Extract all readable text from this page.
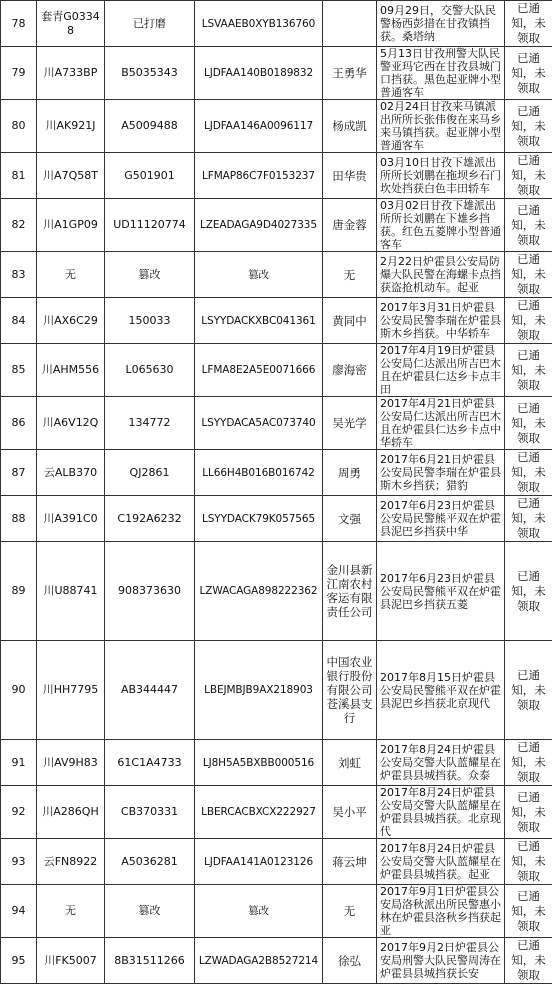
78	套青G0334 8	已打磨	LSVAAEB0XYB136760		09月29日，交警大队民警杨西彭措在甘孜镇挡获。桑塔纳	已通知，未领取
79	川A733BP	B5035343	LJDFAA140B0189832	王勇华	5月13日甘孜刑警大队民警亚玛它西在甘孜县城门口挡获。黑色起亚牌小型普通客车	已通知，未领取
80	川AK921J	A5009488	LJDFAA146A0096117	杨成凯	02月24日甘孜来马镇派出所所长张伟俊在来马乡来马镇挡获。起亚牌小型普通客车	已通知，未领取
81	川A7Q58T	G501901	LFMAP86C7F0153237	田华贵	03月10日甘孜下雄派出所所长刘鹏在拖坝乡石门坎处挡获白色丰田轿车	已通知，未领取
82	川A1GP09	UD11120774	LZEADAGA9D4027335	唐金蓉	03月02日甘孜下雄派出所所长刘鹏在下雄乡挡获。红色五菱牌小型普通客车	已通知，未领取
83	无	篡改	篡改	无	2月22日炉霍县公安局防爆大队民警在海螺卡点挡获盗抢机动车。起亚	已通知，未领取
84	川AX6C29	150033	LSYYDACKXBC041361	黄同中	2017年3月31日炉霍县公安局民警李瑞在炉霍县斯木乡挡获。中华轿车	已通知，未领取
85	川AHM556	L065630	LFMA8E2A5E0071666	廖海密	2017年4月19日炉霍县公安局仁达派出所吉巴木且在炉霍县仁达乡卡点丰田	已通知，未领取
86	川A6V12Q	134772	LSYYDACA5AC073740	吴光学	2017年4月21日炉霍县公安局仁达派出所吉巴木且在炉霍县仁达乡卡点中华轿车	已通知，未领取
87	云ALB370	QJ2861	LL66H4B016B016742	周勇	2017年6月21日炉霍县公安局民警李瑞在炉霍县斯木乡挡获；猎豹	已通知，未领取
88	川A391C0	C192A6232	LSYYDACK79K057565	文强	2017年6月23日炉霍县公安局民警熊平双在炉霍县泥巴乡挡获中华	已通知，未领取
89	川U88741	908373630	LZWACAGA898222362	金川县新江南农村客运有限责任公司	2017年6月23日炉霍县公安局民警熊平双在炉霍县泥巴乡挡获五菱	已通知，未领取
90	川HH7795	AB344447	LBEJMBJB9AX218903	中国农业银行股份有限公司苍溪县支行	2017年8月15日炉霍县公安局民警熊平双在炉霍县泥巴乡挡获北京现代	已通知，未领取
91	川AV9H83	61C1A4733	LJ8H5A5BXBB000516	刘虹	2017年8月24日炉霍县公安局交警大队蓝耀星在炉霍县县城挡获。众泰	已通知，未领取
92	川A286QH	CB370331	LBERCACBXCX222927	吴小平	2017年8月24日炉霍县公安局交警大队蓝耀星在炉霍县县城挡获。北京现代	已通知，未领取
93	云FN8922	A5036281	LJDFAA141A0123126	蒋云坤	2017年8月24日炉霍县公安局交警大队蓝耀星在炉霍县县城挡获。起亚	已通知，未领取
94	无	篡改	篡改	无	2017年9月1日炉霍县公安局洛秋派出所民警惠小林在炉霍县洛秋乡挡获起亚	已通知，未领取
95	川FK5007	8B31511266	LZWADAGA2B8527214	徐弘	2017年9月2日炉霍县公安局刑警大队民警周涛在炉霍县县城挡获长安	已通知，未领取
